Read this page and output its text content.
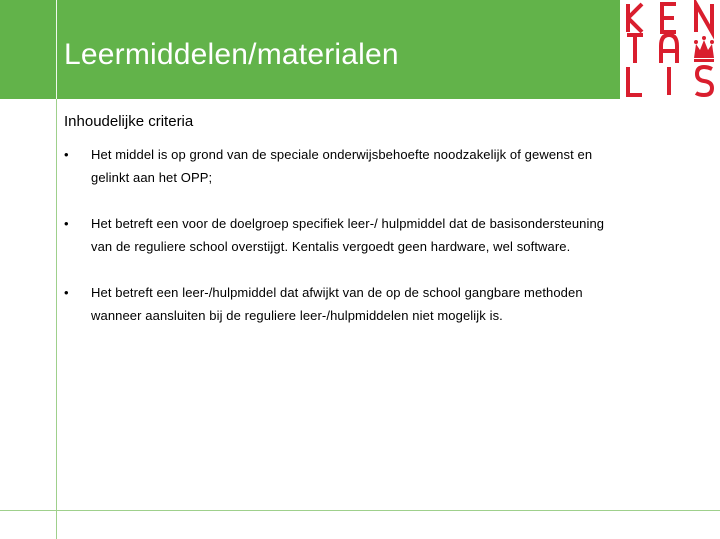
Leermiddelen/materialen
Inhoudelijke criteria
• Het middel is op grond van de speciale onderwijsbehoefte noodzakelijk of gewenst en gelinkt aan het OPP;
• Het betreft een voor de doelgroep specifiek leer-/ hulpmiddel dat de basisondersteuning van de reguliere school overstijgt. Kentalis vergoedt geen hardware, wel software.
• Het betreft een leer-/hulpmiddel dat afwijkt van de op de school gangbare methoden wanneer aansluiten bij de reguliere leer-/hulpmiddelen niet mogelijk is.
